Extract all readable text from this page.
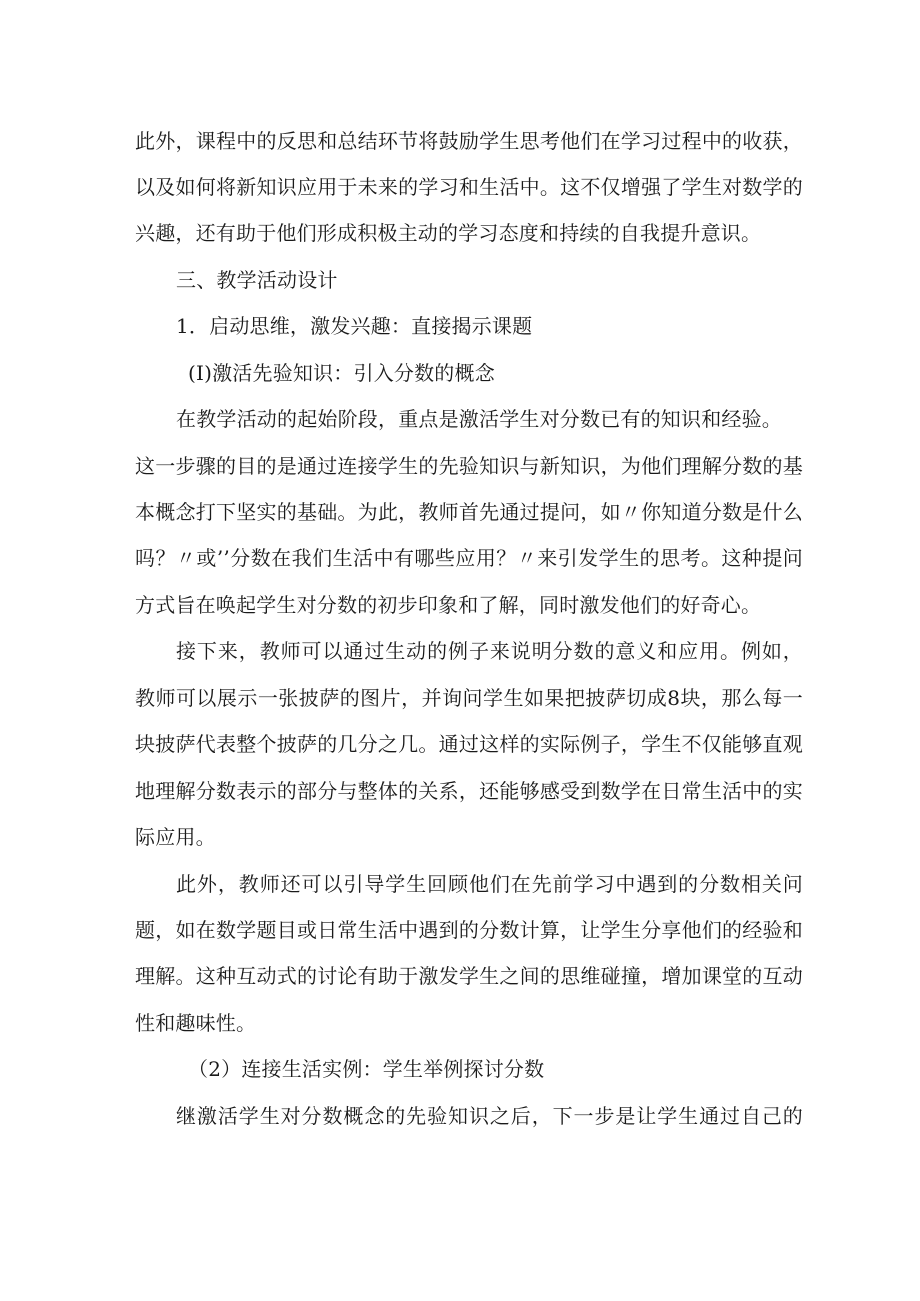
此外，课程中的反思和总结环节将鼓励学生思考他们在学习过程中的收获，
以及如何将新知识应用于未来的学习和生活中。这不仅增强了学生对数学的
兴趣，还有助于他们形成积极主动的学习态度和持续的自我提升意识。
三、教学活动设计
1．启动思维，激发兴趣：直接揭示课题
(I)激活先验知识：引入分数的概念
在教学活动的起始阶段，重点是激活学生对分数已有的知识和经验。
这一步骤的目的是通过连接学生的先验知识与新知识，为他们理解分数的基
本概念打下坚实的基础。为此，教师首先通过提问，如〃你知道分数是什么
吗？〃或’’分数在我们生活中有哪些应用？〃来引发学生的思考。这种提问
方式旨在唤起学生对分数的初步印象和了解，同时激发他们的好奇心。
接下来，教师可以通过生动的例子来说明分数的意义和应用。例如，
教师可以展示一张披萨的图片，并询问学生如果把披萨切成8块，那么每一
块披萨代表整个披萨的几分之几。通过这样的实际例子，学生不仅能够直观
地理解分数表示的部分与整体的关系，还能够感受到数学在日常生活中的实
际应用。
此外，教师还可以引导学生回顾他们在先前学习中遇到的分数相关问
题，如在数学题目或日常生活中遇到的分数计算，让学生分享他们的经验和
理解。这种互动式的讨论有助于激发学生之间的思维碰撞，增加课堂的互动
性和趣味性。
（2）连接生活实例：学生举例探讨分数
继激活学生对分数概念的先验知识之后，下一步是让学生通过自己的
